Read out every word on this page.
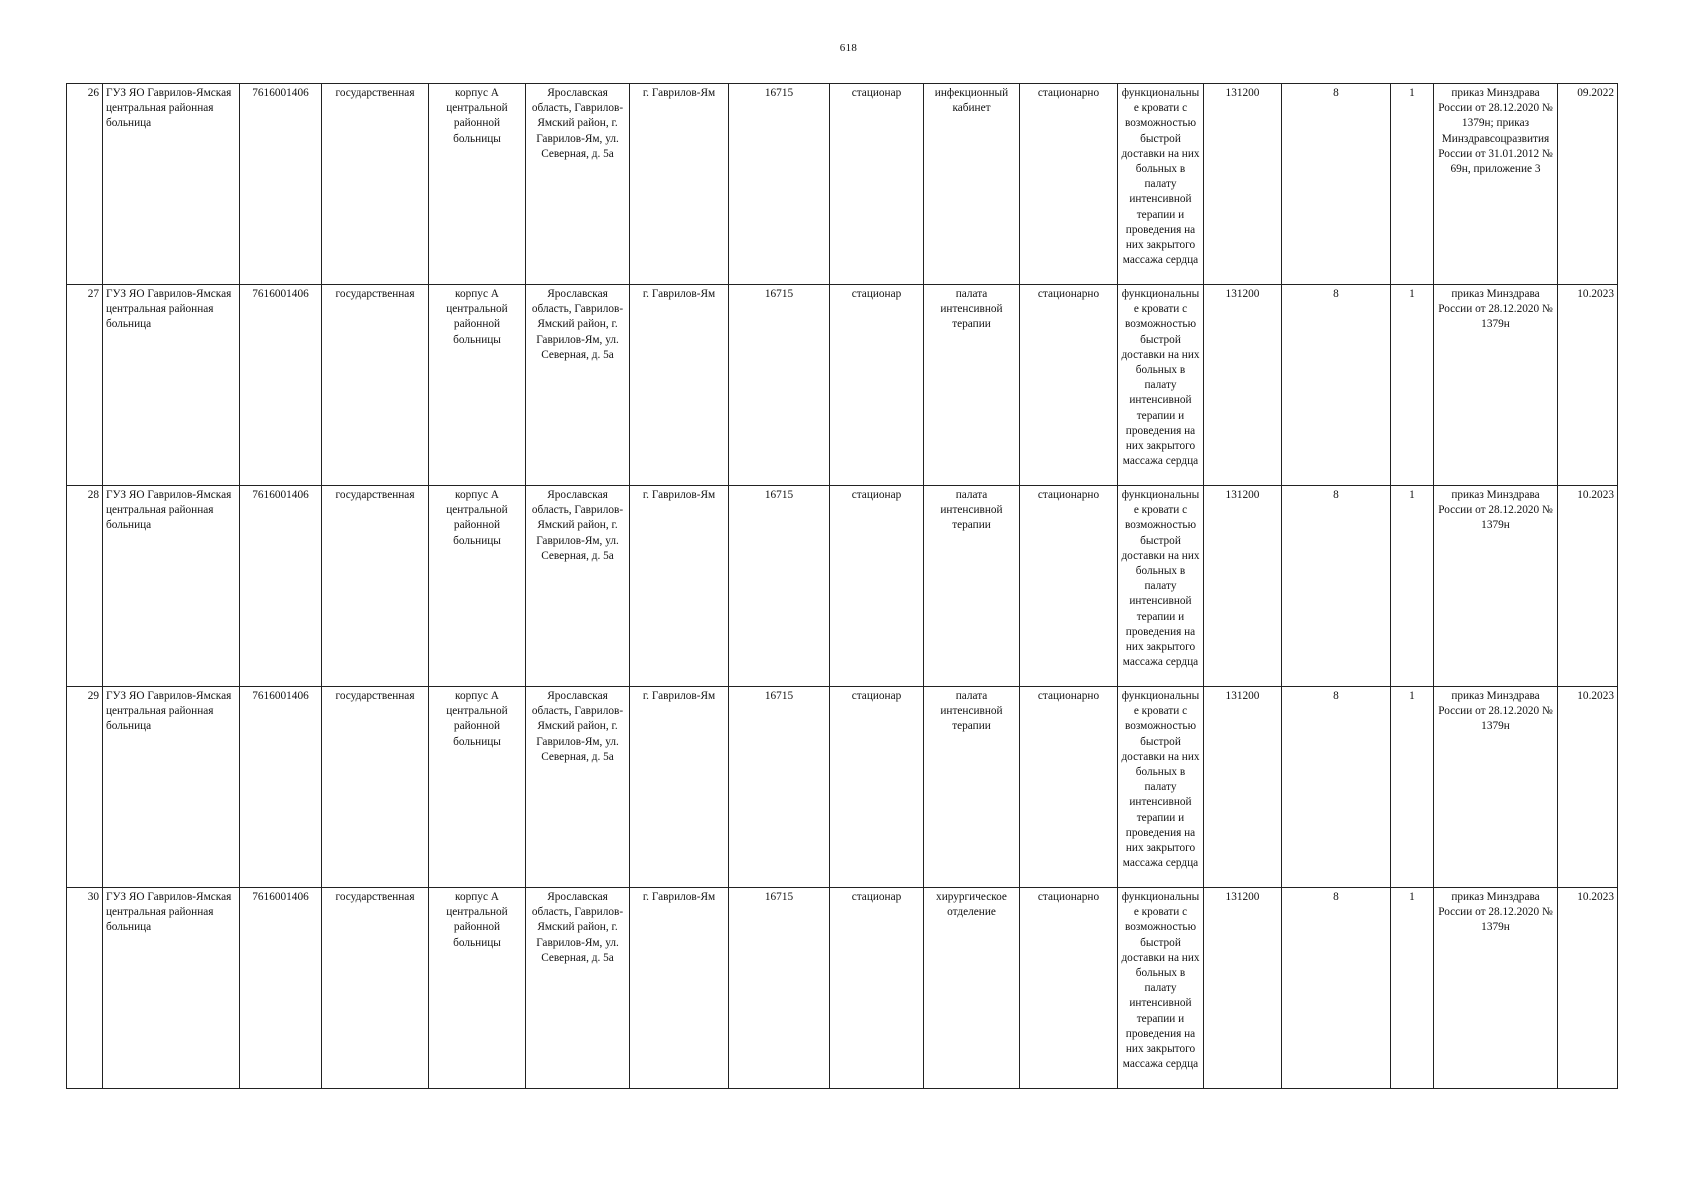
618
26	ГУЗ ЯО Гаврилов-Ямская центральная районная больница	7616001406	государственная	корпус А центральной районной больницы	Ярославская область, Гаврилов-Ямский район, г. Гаврилов-Ям, ул. Северная, д. 5а	г. Гаврилов-Ям	16715	стационар	инфекционный кабинет	стационарно	функциональные кровати с возможностью быстрой доставки на них больных в палату интенсивной терапии и проведения на них закрытого массажа сердца	131200	8	1	приказ Минздрава России от 28.12.2020 № 1379н; приказ Минздравсоцразвития России от 31.01.2012 № 69н, приложение 3	09.2022
27	ГУЗ ЯО Гаврилов-Ямская центральная районная больница	7616001406	государственная	корпус А центральной районной больницы	Ярославская область, Гаврилов-Ямский район, г. Гаврилов-Ям, ул. Северная, д. 5а	г. Гаврилов-Ям	16715	стационар	палата интенсивной терапии	стационарно	функциональные кровати с возможностью быстрой доставки на них больных в палату интенсивной терапии и проведения на них закрытого массажа сердца	131200	8	1	приказ Минздрава России от 28.12.2020 № 1379н	10.2023
28	ГУЗ ЯО Гаврилов-Ямская центральная районная больница	7616001406	государственная	корпус А центральной районной больницы	Ярославская область, Гаврилов-Ямский район, г. Гаврилов-Ям, ул. Северная, д. 5а	г. Гаврилов-Ям	16715	стационар	палата интенсивной терапии	стационарно	функциональные кровати с возможностью быстрой доставки на них больных в палату интенсивной терапии и проведения на них закрытого массажа сердца	131200	8	1	приказ Минздрава России от 28.12.2020 № 1379н	10.2023
29	ГУЗ ЯО Гаврилов-Ямская центральная районная больница	7616001406	государственная	корпус А центральной районной больницы	Ярославская область, Гаврилов-Ямский район, г. Гаврилов-Ям, ул. Северная, д. 5а	г. Гаврилов-Ям	16715	стационар	палата интенсивной терапии	стационарно	функциональные кровати с возможностью быстрой доставки на них больных в палату интенсивной терапии и проведения на них закрытого массажа сердца	131200	8	1	приказ Минздрава России от 28.12.2020 № 1379н	10.2023
30	ГУЗ ЯО Гаврилов-Ямская центральная районная больница	7616001406	государственная	корпус А центральной районной больницы	Ярославская область, Гаврилов-Ямский район, г. Гаврилов-Ям, ул. Северная, д. 5а	г. Гаврилов-Ям	16715	стационар	хирургическое отделение	стационарно	функциональные кровати с возможностью быстрой доставки на них больных в палату интенсивной терапии и проведения на них закрытого массажа сердца	131200	8	1	приказ Минздрава России от 28.12.2020 № 1379н	10.2023
